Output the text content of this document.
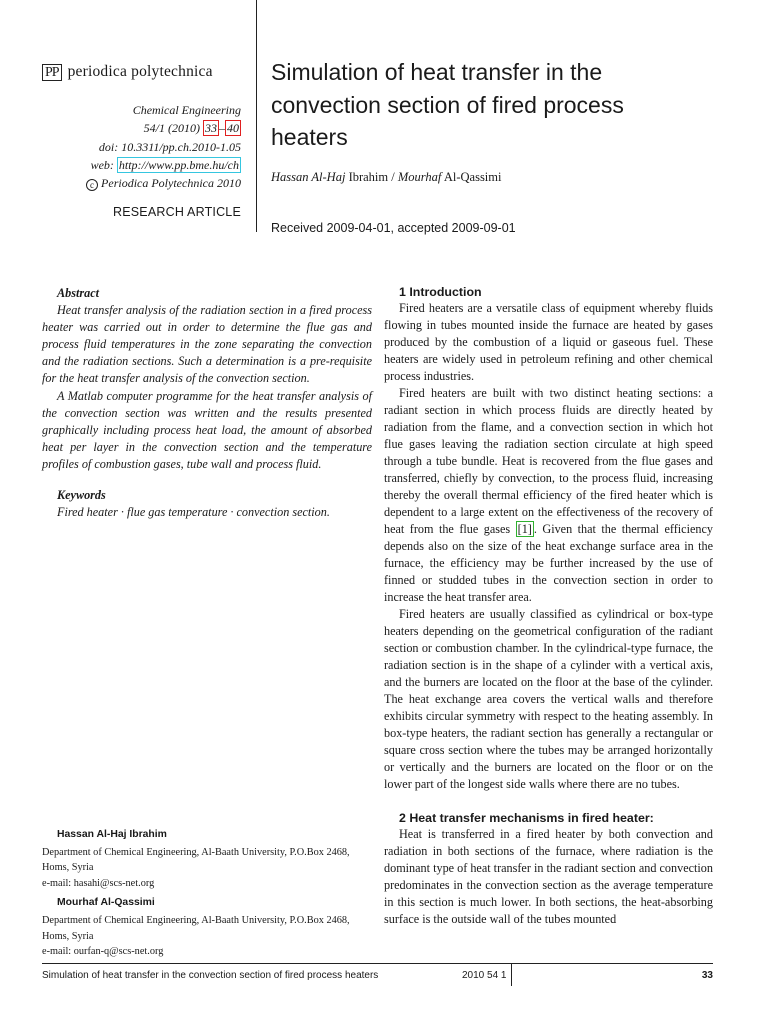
PP periodica polytechnica
Chemical Engineering
54/1 (2010) 33 – 40
doi: 10.3311/pp.ch.2010-1.05
web: http://www.pp.bme.hu/ch
c Periodica Polytechnica 2010
RESEARCH ARTICLE
Simulation of heat transfer in the
convection section of fired process
heaters
Hassan Al-Haj Ibrahim / Mourhaf Al-Qassimi
Received 2009-04-01, accepted 2009-09-01
Abstract

Heat transfer analysis of the radiation section in a fired process heater was carried out in order to determine the flue gas and process fluid temperatures in the zone separating the convection and the radiation sections. Such a determination is a pre-requisite for the heat transfer analysis of the convection section.

A Matlab computer programme for the heat transfer analysis of the convection section was written and the results presented graphically including process heat load, the amount of absorbed heat per layer in the convection section and the temperature profiles of combustion gases, tube wall and process fluid.

Keywords
Fired heater · flue gas temperature · convection section.
Hassan Al-Haj Ibrahim
Department of Chemical Engineering, Al-Baath University, P.O.Box 2468,
Homs, Syria
e-mail: hasahi@scs-net.org
Mourhaf Al-Qassimi
Department of Chemical Engineering, Al-Baath University, P.O.Box 2468,
Homs, Syria
e-mail: ourfan-q@scs-net.org
1 Introduction

Fired heaters are a versatile class of equipment whereby fluids flowing in tubes mounted inside the furnace are heated by gases produced by the combustion of a liquid or gaseous fuel. These heaters are widely used in petroleum refining and other chemical process industries.

Fired heaters are built with two distinct heating sections: a radiant section in which process fluids are directly heated by radiation from the flame, and a convection section in which hot flue gases leaving the radiation section circulate at high speed through a tube bundle. Heat is recovered from the flue gases and transferred, chiefly by convection, to the process fluid, increasing thereby the overall thermal efficiency of the fired heater which is dependent to a large extent on the effectiveness of the recovery of heat from the flue gases [1] . Given that the thermal efficiency depends also on the size of the heat exchange surface area in the furnace, the efficiency may be further increased by the use of finned or studded tubes in the convection section in order to increase the heat transfer area.

Fired heaters are usually classified as cylindrical or box-type heaters depending on the geometrical configuration of the radiant section or combustion chamber. In the cylindrical-type furnace, the radiation section is in the shape of a cylinder with a vertical axis, and the burners are located on the floor at the base of the cylinder. The heat exchange area covers the vertical walls and therefore exhibits circular symmetry with respect to the heating assembly. In box-type heaters, the radiant section has generally a rectangular or square cross section where the tubes may be arranged horizontally or vertically and the burners are located on the floor or on the lower part of the longest side walls where there are no tubes.

2 Heat transfer mechanisms in fired heater:

Heat is transferred in a fired heater by both convection and radiation in both sections of the furnace, where radiation is the dominant type of heat transfer in the radiant section and convection predominates in the convection section as the average temperature in this section is much lower. In both sections, the heat-absorbing surface is the outside wall of the tubes mounted

Simulation of heat transfer in the convection section of fired process heaters	2010 54 1	33
